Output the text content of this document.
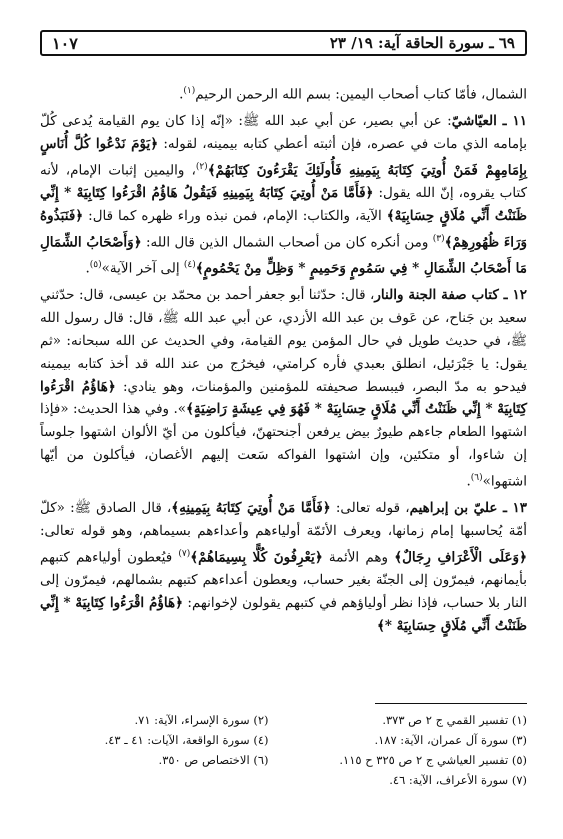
٦٩ ـ سورة الحاقة آية: ١٩/ ٢٣
١٠٧

الشمال، فأمّا كتاب أصحاب اليمين: بسم الله الرحمن الرحيم$^{(١)}$.

١١ ـ العيّاشيّ: عن أبي بصير، عن أبي عبد الله ﷺ: «إنّه إذا كان يوم القيامة يُدعى كُلّ بإمامه الذي مات في عصره، فإن أثبته أعطي كتابه بيمينه، لقوله: ﴿يَوْمَ نَدْعُوا كُلَّ أُنَاسٍ بِإِمَامِهِمْ فَمَنْ أُوتِيَ كِتَابَهُ بِيَمِينِهِ فَأُولَئِكَ يَقْرَءُونَ كِتَابَهُمْ﴾$^{(٢)}$، واليمين إثبات الإمام، لأنه كتاب يقروه، إنّ الله يقول: ﴿فَأَمَّا مَنْ أُوتِيَ كِتَابَهُ بِيَمِينِهِ فَيَقُولُ هَاؤُمُ اقْرَءُوا كِتَابِيَهْ * إِنِّي ظَنَنْتُ أَنِّي مُلَاقٍ حِسَابِيَهْ﴾ الآية، والكتاب: الإمام، فمن نبذه وراء ظهره كما قال: ﴿فَنَبَذُوهُ وَرَاءَ ظُهُورِهِمْ﴾$^{(٣)}$ ومن أنكره كان من أصحاب الشمال الذين قال الله: ﴿وَأَصْحَابُ الشِّمَالِ مَا أَصْحَابُ الشِّمَالِ * فِي سَمُومٍ وَحَمِيمٍ * وَظِلٍّ مِنْ يَحْمُومٍ﴾$^{(٤)}$ إلى آخر الآية»$^{(٥)}$.

١٢ ـ كتاب صفة الجنة والنار، قال: حدّثنا أبو جعفر أحمد بن محمّد بن عيسى، قال: حدّثني سعيد بن جَناح، عن عَوف بن عبد الله الأزدي، عن أبي عبد الله ﷺ، قال: قال رسول الله ﷺ، في حديث طويل في حال المؤمن يوم القيامة، وفي الحديث عن الله سبحانه: «ثم يقول: يا جَبْرَئيل، انطلق بعبدي فأره كرامتي، فيخرُج من عند الله قد أخذ كتابه بيمينه فيدحو به مدّ البصر، فيبسط صحيفته للمؤمنين والمؤمنات، وهو ينادي: ﴿هَاؤُمُ اقْرَءُوا كِتَابِيَهْ * إِنِّي ظَنَنْتُ أَنِّي مُلَاقٍ حِسَابِيَهْ * فَهُوَ فِي عِيشَةٍ رَاضِيَةٍ﴾». وفي هذا الحديث: «فإذا اشتهوا الطعام جاءهم طيورٌ بيض يرفعن أجنحتهنّ، فيأكلون من أيّ الألوان اشتهوا جلوساً إن شاءوا، أو متكئين، وإن اشتهوا الفواكه سَعت إليهم الأغصان، فيأكلون من أيّها اشتهوا»$^{(٦)}$.

١٣ ـ عليّ بن إبراهيم، قوله تعالى: ﴿فَأَمَّا مَنْ أُوتِيَ كِتَابَهُ بِيَمِينِهِ﴾، قال الصادق ﷺ: «كلّ أمّة يُحاسبها إمام زمانها، ويعرف الأئمّة أولياءهم وأعداءهم بسيماهم، وهو قوله تعالى: ﴿وَعَلَى الْأَعْرَافِ رِجَالٌ﴾ وهم الأئمة ﴿يَعْرِفُونَ كُلًّا بِسِيمَاهُمْ﴾$^{(٧)}$ فيُعطون أولياءهم كتبهم بأيمانهم، فيمرّون إلى الجنّة بغير حساب، ويعطون أعداءهم كتبهم بشمالهم، فيمرّون إلى النار بلا حساب، فإذا نظر أولياؤهم في كتبهم يقولون لإخوانهم: ﴿هَاؤُمُ اقْرَءُوا كِتَابِيَهْ * إِنِّي ظَنَنْتُ أَنِّي مُلَاقٍ حِسَابِيَهْ *﴾

(١) تفسير القمي ج ٢ ص ٣٧٣.
(٢) سورة الإسراء، الآية: ٧١.
(٣) سورة آل عمران، الآية: ١٨٧.
(٤) سورة الواقعة، الآيات: ٤١ ـ ٤٣.
(٥) تفسير العياشي ج ٢ ص ٣٢٥ ح ١١٥.
(٦) الاختصاص ص ٣٥٠.
(٧) سورة الأعراف، الآية: ٤٦.
